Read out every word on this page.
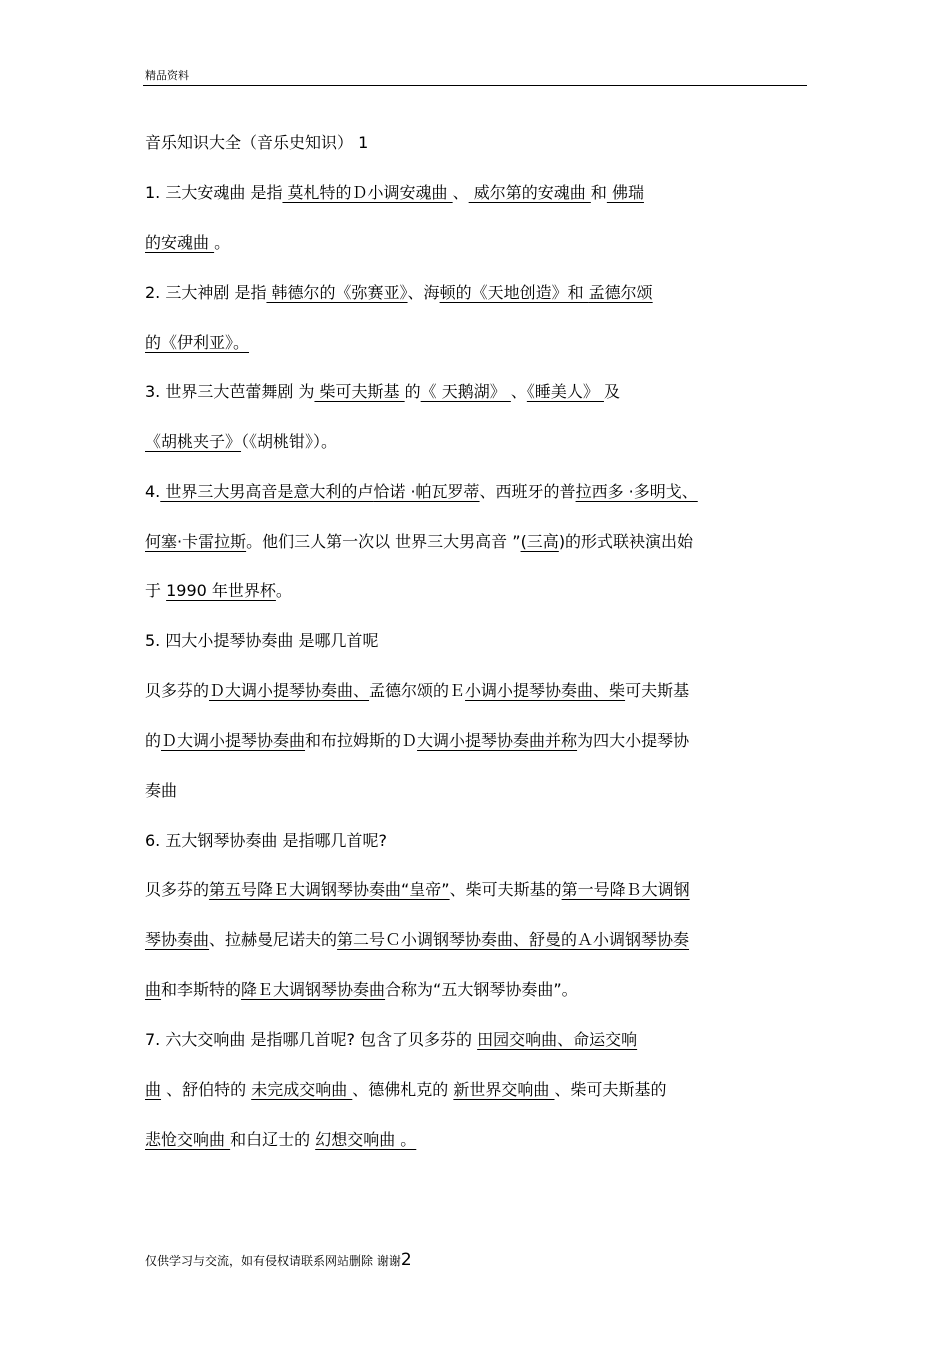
精品资料
音乐知识大全（音乐史知识） 1
1. 三大安魂曲 是指 莫札特的Ｄ小调安魂曲 、 威尔第的安魂曲 和 佛瑞
的安魂曲 。
2. 三大神剧 是指 韩德尔的《弥赛亚》、海顿的《天地创造》和 孟德尔颂
的《伊利亚》。
3. 世界三大芭蕾舞剧 为 柴可夫斯基 的《 天鹅湖》 、《睡美人》 及
《胡桃夹子》（《胡桃钳》）。
4. 世界三大男高音是意大利的卢恰诺 ·帕瓦罗蒂、西班牙的普拉西多 ·多明戈、
何塞·卡雷拉斯。他们三人第一次以 世界三大男高音 ”(三高)的形式联袂演出始
于 1990 年世界杯。
5. 四大小提琴协奏曲 是哪几首呢
贝多芬的Ｄ大调小提琴协奏曲、孟德尔颂的Ｅ小调小提琴协奏曲、柴可夫斯基
的Ｄ大调小提琴协奏曲和布拉姆斯的Ｄ大调小提琴协奏曲并称为四大小提琴协
奏曲
6. 五大钢琴协奏曲 是指哪几首呢?
贝多芬的第五号降Ｅ大调钢琴协奏曲“皇帝”、柴可夫斯基的第一号降Ｂ大调钢
琴协奏曲、拉赫曼尼诺夫的第二号Ｃ小调钢琴协奏曲、舒曼的Ａ小调钢琴协奏
曲和李斯特的降Ｅ大调钢琴协奏曲合称为“五大钢琴协奏曲”。
7. 六大交响曲 是指哪几首呢? 包含了贝多芬的 田园交响曲、命运交响
曲 、舒伯特的 未完成交响曲 、德佛札克的 新世界交响曲 、柴可夫斯基的
悲怆交响曲 和白辽士的 幻想交响曲 。
仅供学习与交流，如有侵权请联系网站删除 谢谢2
